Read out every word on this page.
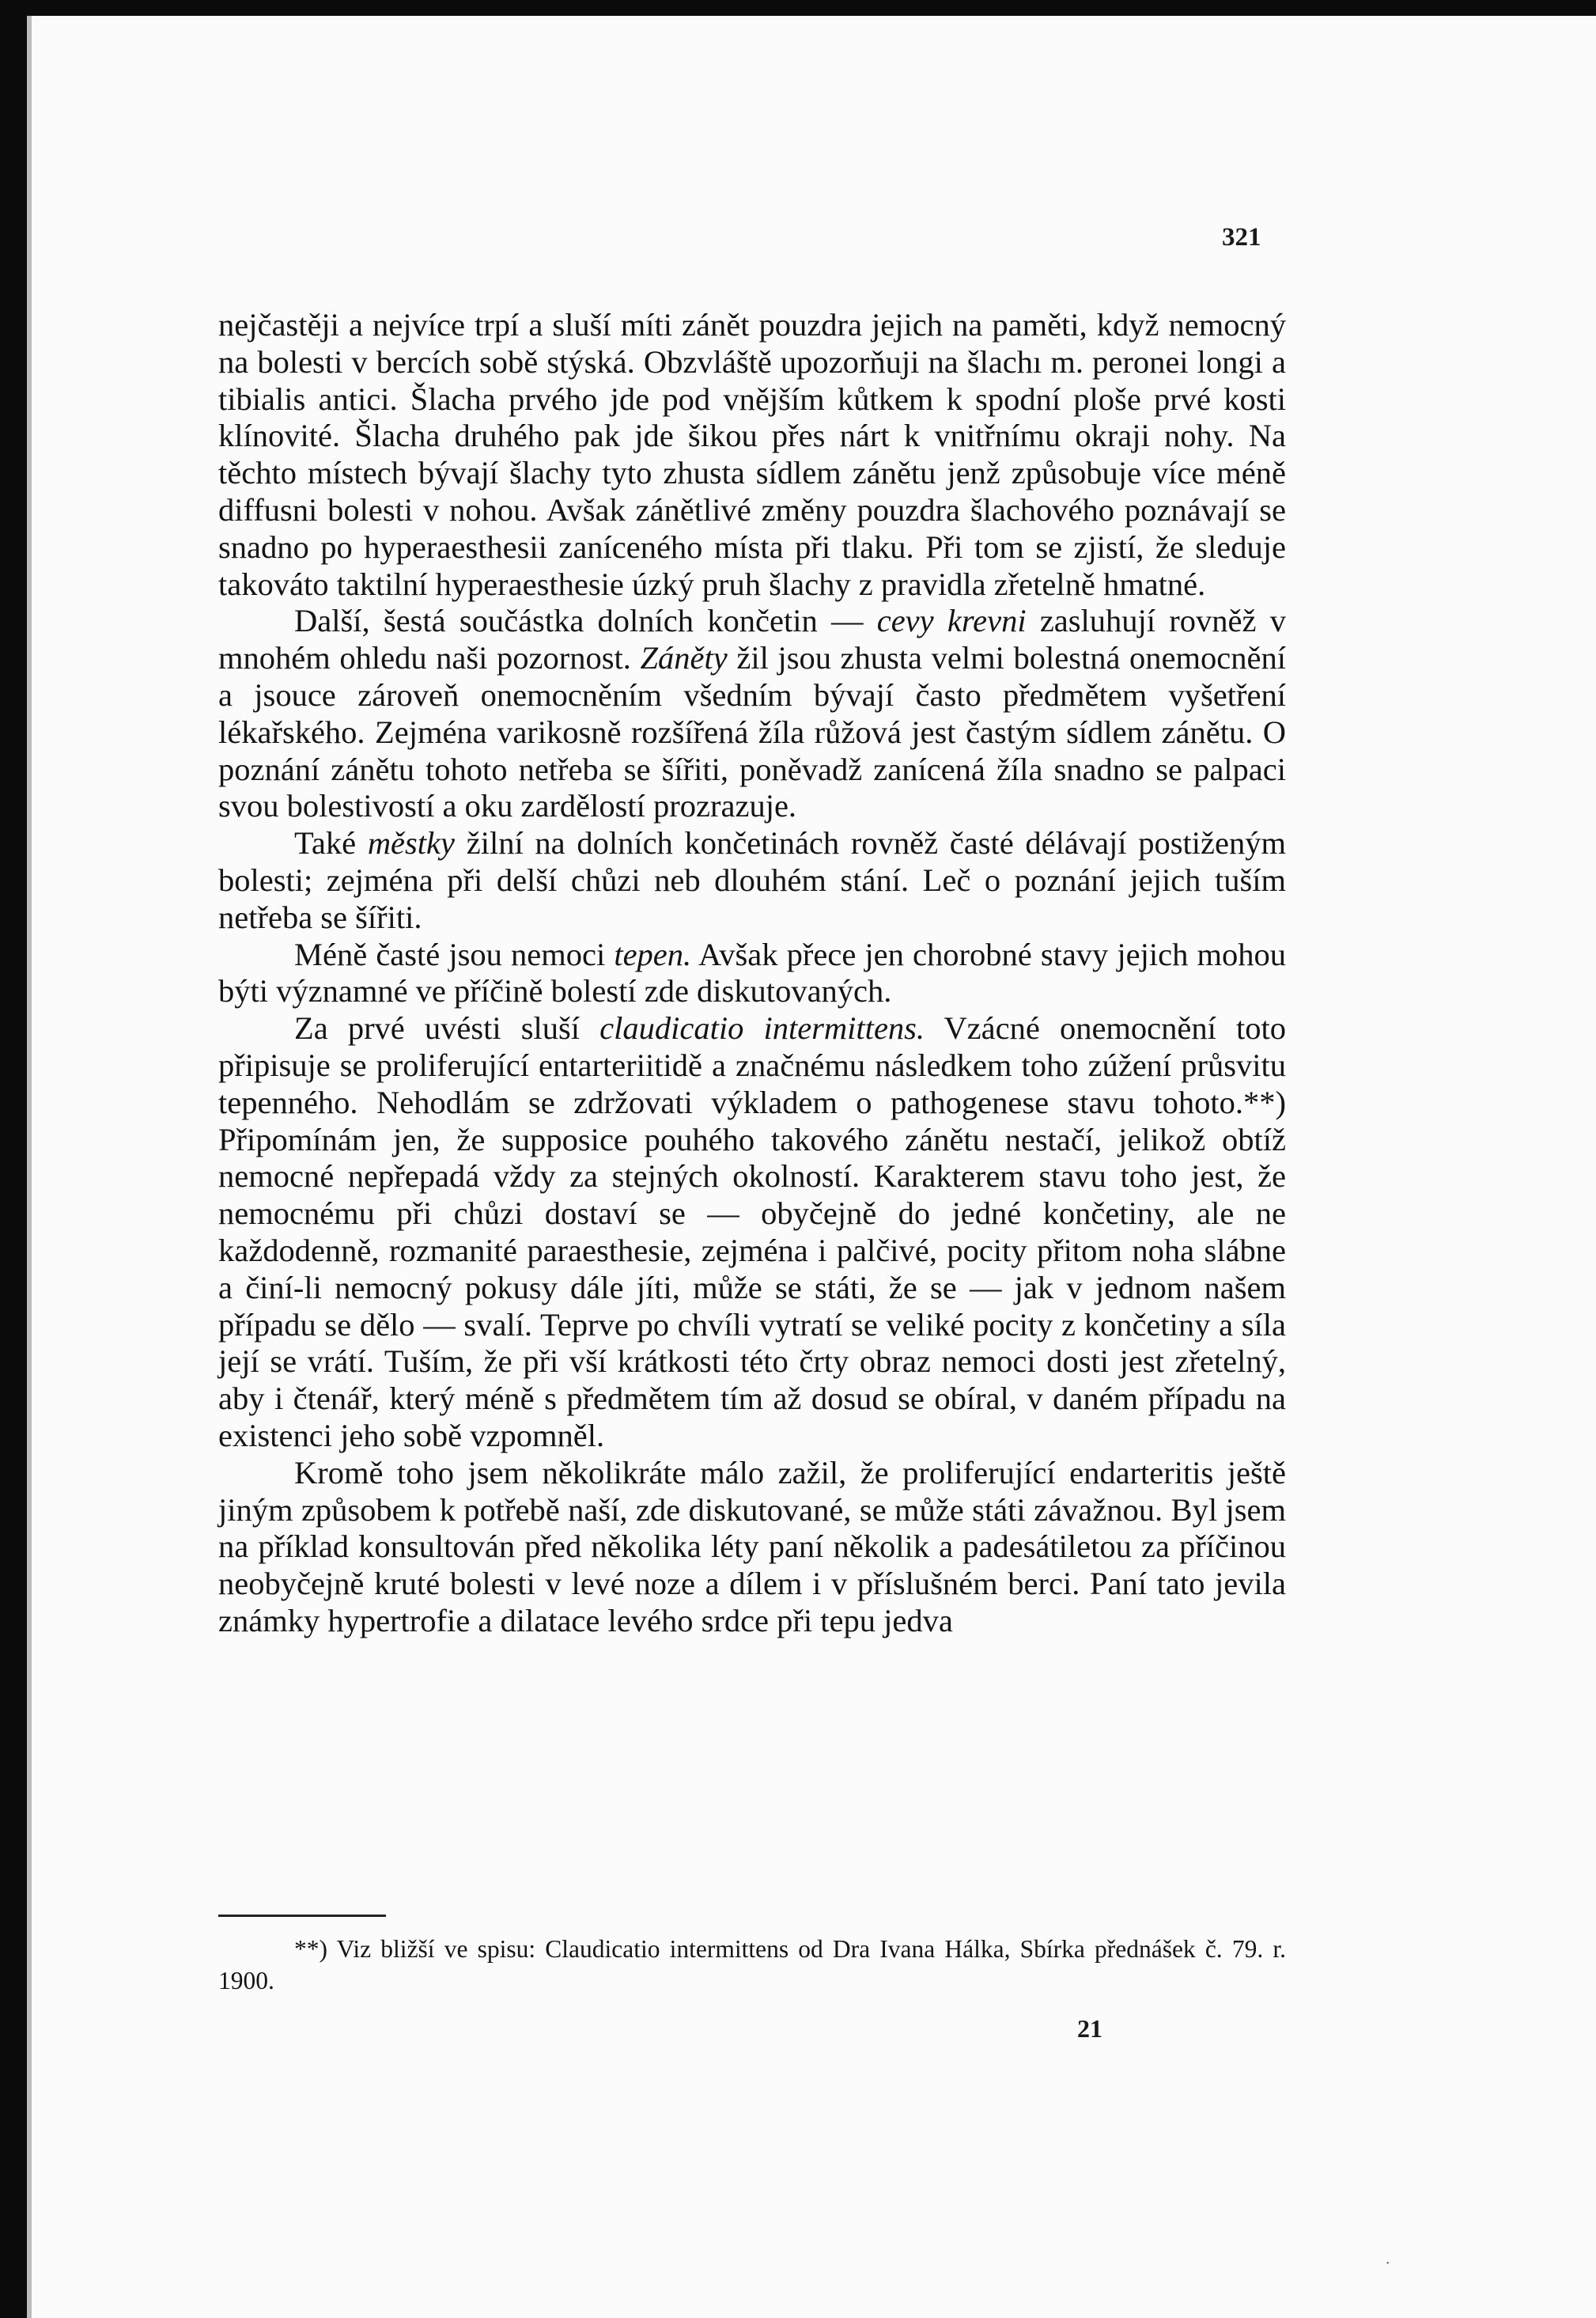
321

nejčastěji a nejvíce trpí a sluší míti zánět pouzdra jejich na paměti, když nemocný na bolesti v bercích sobě stýská. Obzvláště upozorňuji na šlachı m. peronei longi a tibialis antici. Šlacha prvého jde pod vnějším kůtkem k spodní ploše prvé kosti klínovité. Šlacha druhého pak jde šikou přes nárt k vnitřnímu okraji nohy. Na těchto místech bývají šlachy tyto zhusta sídlem zánětu jenž způsobuje více méně diffusni bolesti v nohou. Avšak zánětlivé změny pouzdra šlachového poznávají se snadno po hyperaesthesii zaníceného místa při tlaku. Při tom se zjistí, že sleduje takováto taktilní hyperaesthesie úzký pruh šlachy z pravidla zřetelně hmatné.

Další, šestá součástka dolních končetin — cevy krevni zasluhují rovněž v mnohém ohledu naši pozornost. Záněty žil jsou zhusta velmi bolestná onemocnění a jsouce zároveň onemocněním všedním bývají často předmětem vyšetření lékařského. Zejména varikosně rozšířená žíla růžová jest častým sídlem zánětu. O poznání zánětu tohoto netřeba se šířiti, poněvadž zanícená žíla snadno se palpaci svou bolestivostí a oku zardělostí prozrazuje.

Také městky žilní na dolních končetinách rovněž časté délávají postiženým bolesti; zejména při delší chůzi neb dlouhém stání. Leč o poznání jejich tuším netřeba se šířiti.

Méně časté jsou nemoci tepen. Avšak přece jen chorobné stavy jejich mohou býti významné ve příčině bolestí zde diskutovaných.

Za prvé uvésti sluší claudicatio intermittens. Vzácné onemocnění toto připisuje se proliferující entarteriitidě a značnému následkem toho zúžení průsvitu tepenného. Nehodlám se zdržovati výkladem o pathogenese stavu tohoto.**) Připomínám jen, že supposice pouhého takového zánětu nestačí, jelikož obtíž nemocné nepřepadá vždy za stejných okolností. Karakterem stavu toho jest, že nemocnému při chůzi dostaví se — obyčejně do jedné končetiny, ale ne každodenně, rozmanité paraesthesie, zejména i palčivé, pocity přitom noha slábne a činí-li nemocný pokusy dále jíti, může se státi, že se — jak v jednom našem případu se dělo — svalí. Teprve po chvíli vytratí se veliké pocity z končetiny a síla její se vrátí. Tuším, že při vší krátkosti této črty obraz nemoci dosti jest zřetelný, aby i čtenář, který méně s předmětem tím až dosud se obíral, v daném případu na existenci jeho sobě vzpomněl.

Kromě toho jsem několikráte málo zažil, že proliferující endarteritis ještě jiným způsobem k potřebě naší, zde diskutované, se může státi závažnou. Byl jsem na příklad konsultován před několika léty paní několik a padesátiletou za příčinou neobyčejně kruté bolesti v levé noze a dílem i v příslušném berci. Paní tato jevila známky hypertrofie a dilatace levého srdce při tepu jedva

**) Viz bližší ve spisu: Claudicatio intermittens od Dra Ivana Hálka, Sbírka přednášek č. 79. r. 1900.
21
˙
